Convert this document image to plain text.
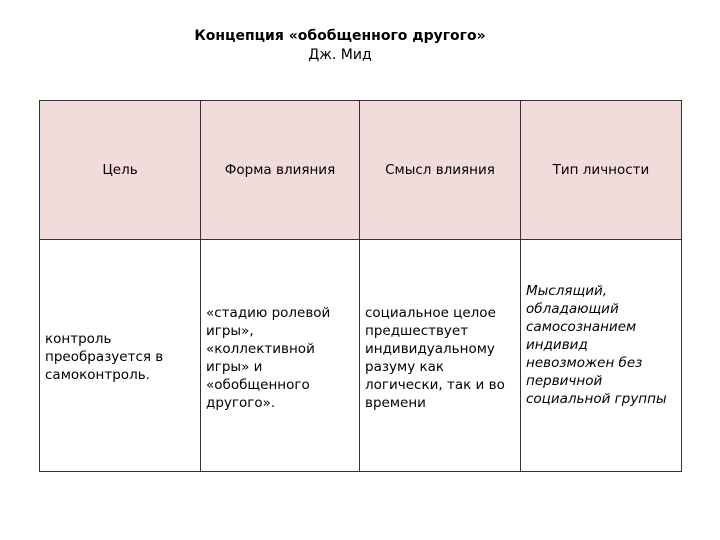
Концепция «обобщенного другого»
Дж. Мид
Цель	Форма влияния	Смысл влияния	Тип личности

контроль преобразуется в самоконтроль.	«стадию ролевой игры», «коллективной игры» и «обобщенного другого».	социальное целое предшествует индивидуальному разуму как логически, так и во времени	Мыслящий, обладающий самосознанием индивид невозможен без первичной социальной группы
